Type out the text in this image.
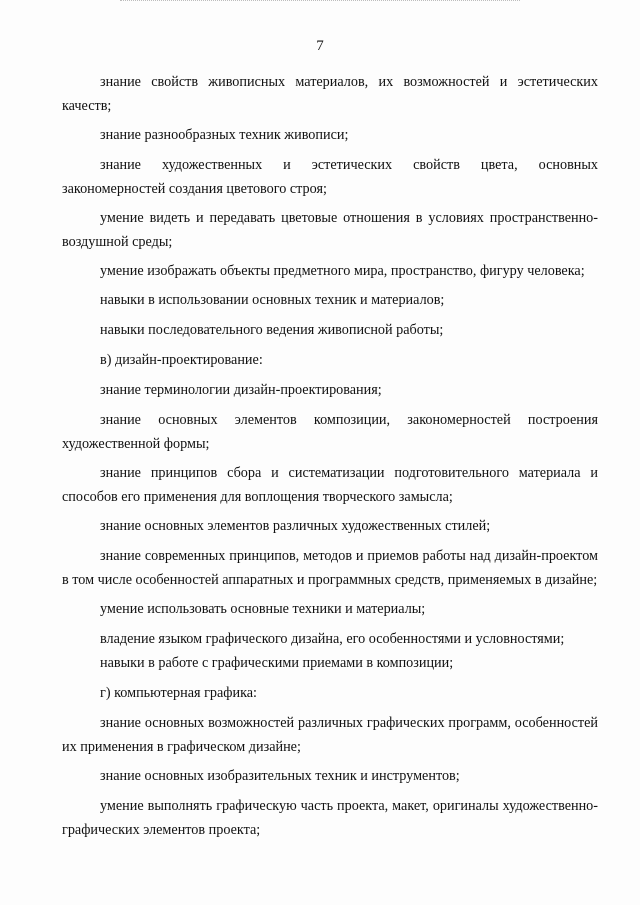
7

знание свойств живописных материалов, их возможностей и эстетических качеств;

знание разнообразных техник живописи;

знание художественных и эстетических свойств цвета, основных закономерностей создания цветового строя;

умение видеть и передавать цветовые отношения в условиях пространственно-воздушной среды;

умение изображать объекты предметного мира, пространство, фигуру человека;

навыки в использовании основных техник и материалов;

навыки последовательного ведения живописной работы;

в) дизайн-проектирование:

знание терминологии дизайн-проектирования;

знание основных элементов композиции, закономерностей построения художественной формы;

знание принципов сбора и систематизации подготовительного материала и способов его применения для воплощения творческого замысла;

знание основных элементов различных художественных стилей;

знание современных принципов, методов и приемов работы над дизайн-проектом в том числе особенностей аппаратных и программных средств, применяемых в дизайне;

умение использовать основные техники и материалы;

владение языком графического дизайна, его особенностями и условностями;

навыки в работе с графическими приемами в композиции;

г) компьютерная графика:

знание основных возможностей различных графических программ, особенностей их применения в графическом дизайне;

знание основных изобразительных техник и инструментов;

умение выполнять графическую часть проекта, макет, оригиналы художественно-графических элементов проекта;
